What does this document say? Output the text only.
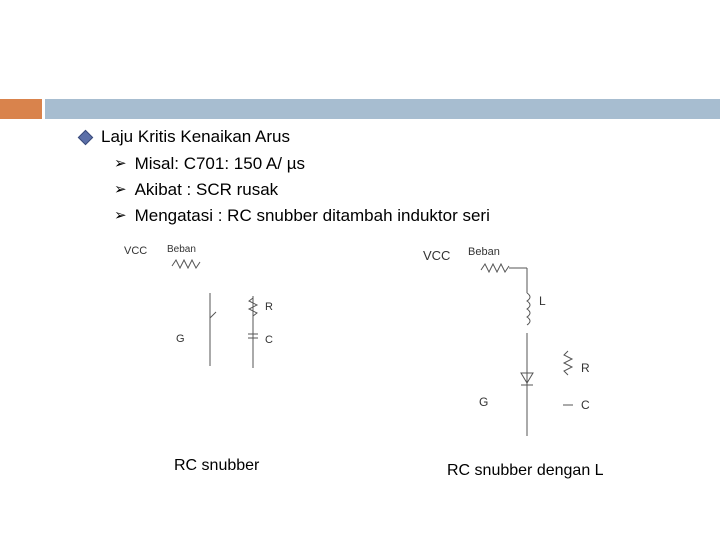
Laju Kritis Kenaikan Arus
➢ Misal: C701: 150 A/ µs
➢ Akibat : SCR rusak
➢ Mengatasi : RC snubber ditambah induktor seri
VCC Beban
R
G	C
VCC Beban
L
R
G	C
RC snubber	RC snubber dengan L
